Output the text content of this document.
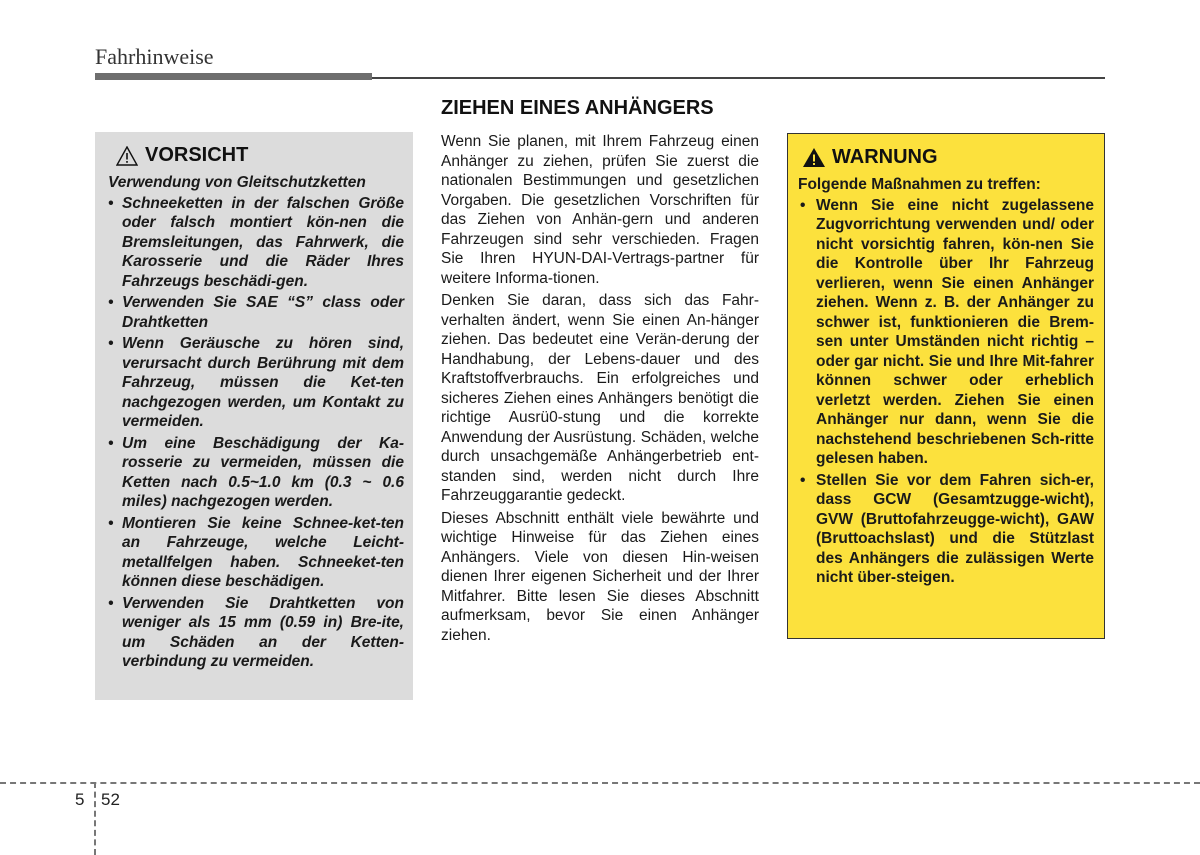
Fahrhinweise
ZIEHEN EINES ANHÄNGERS
VORSICHT
Verwendung von Gleitschutzketten
• Schneeketten in der falschen Größe oder falsch montiert kön-nen die Bremsleitungen, das Fahrwerk, die Karosserie und die Räder Ihres Fahrzeugs beschädi-gen.
• Verwenden Sie SAE “S” class oder Drahtketten
• Wenn Geräusche zu hören sind, verursacht durch Berührung mit dem Fahrzeug, müssen die Ket-ten nachgezogen werden, um Kontakt zu vermeiden.
• Um eine Beschädigung der Ka-rosserie zu vermeiden, müssen die Ketten nach 0.5~1.0 km (0.3 ~ 0.6 miles) nachgezogen werden.
• Montieren Sie keine Schnee-ket-ten an Fahrzeuge, welche Leicht-metallfelgen haben. Schneeket-ten können diese beschädigen.
• Verwenden Sie Drahtketten von weniger als 15 mm (0.59 in) Bre-ite, um Schäden an der Ketten-verbindung zu vermeiden.

Wenn Sie planen, mit Ihrem Fahrzeug einen Anhänger zu ziehen, prüfen Sie zuerst die nationalen Bestimmungen und gesetzlichen Vorgaben. Die gesetzlichen Vorschriften für das Ziehen von Anhän-gern und anderen Fahrzeugen sind sehr verschieden. Fragen Sie Ihren HYUN-DAI-Vertrags-partner für weitere Informa-tionen.

Denken Sie daran, dass sich das Fahr-verhalten ändert, wenn Sie einen An-hänger ziehen. Das bedeutet eine Verän-derung der Handhabung, der Lebens-dauer und des Kraftstoffverbrauchs. Ein erfolgreiches und sicheres Ziehen eines Anhängers benötigt die richtige Ausrü0-stung und die korrekte Anwendung der Ausrüstung. Schäden, welche durch unsachgemäße Anhängerbetrieb ent-standen sind, werden nicht durch Ihre Fahrzeuggarantie gedeckt.

Dieses Abschnitt enthält viele bewährte und wichtige Hinweise für das Ziehen eines Anhängers. Viele von diesen Hin-weisen dienen Ihrer eigenen Sicherheit und der Ihrer Mitfahrer. Bitte lesen Sie dieses Abschnitt aufmerksam, bevor Sie einen Anhänger ziehen.

WARNUNG
Folgende Maßnahmen zu treffen:
• Wenn Sie eine nicht zugelassene Zugvorrichtung verwenden und/ oder nicht vorsichtig fahren, kön-nen Sie die Kontrolle über Ihr Fahrzeug verlieren, wenn Sie einen Anhänger ziehen. Wenn z. B. der Anhänger zu schwer ist, funktionieren die Brem-sen unter Umständen nicht richtig – oder gar nicht. Sie und Ihre Mit-fahrer können schwer oder erheblich verletzt werden. Ziehen Sie einen Anhänger nur dann, wenn Sie die nachstehend beschriebenen Sch-ritte gelesen haben.
• Stellen Sie vor dem Fahren sich-er, dass GCW (Gesamtzugge-wicht), GVW (Bruttofahrzeugge-wicht), GAW (Bruttoachslast) und die Stützlast des Anhängers die zulässigen Werte nicht über-steigen.
5 52
